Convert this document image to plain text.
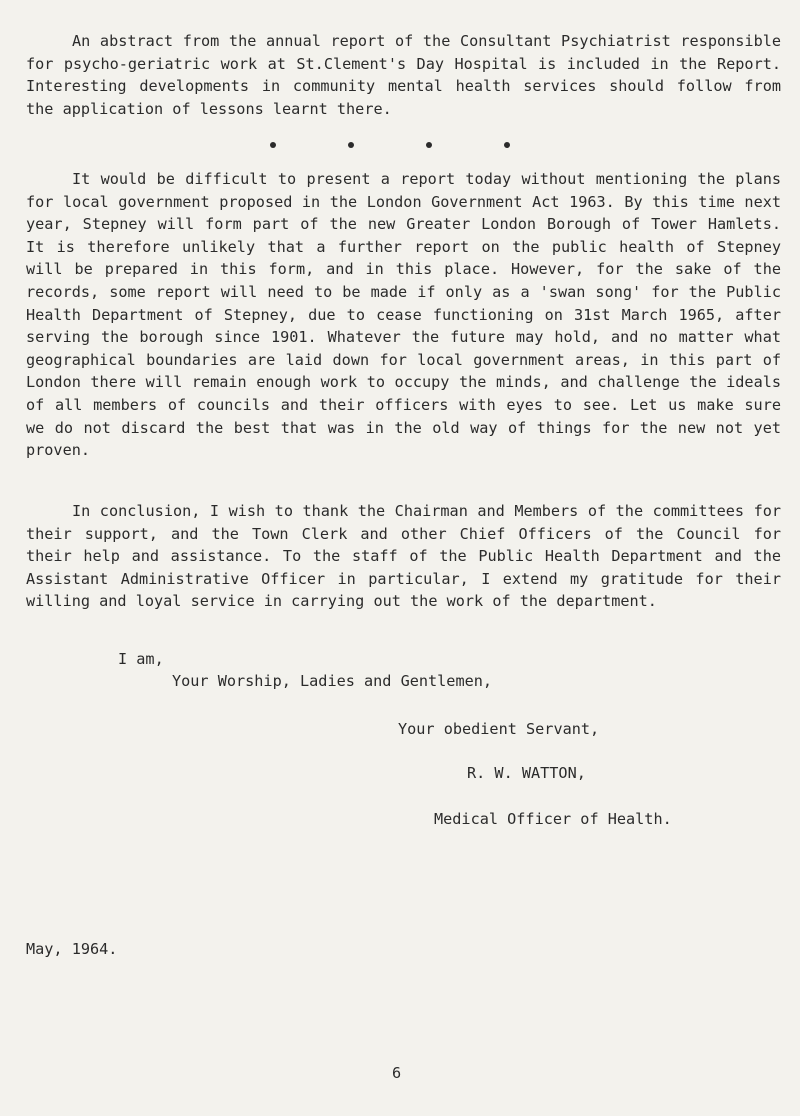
An abstract from the annual report of the Consultant Psychiatrist responsible for psycho-geriatric work at St.Clement's Day Hospital is included in the Report. Interesting developments in community mental health services should follow from the application of lessons learnt there.

It would be difficult to present a report today without mentioning the plans for local government proposed in the London Government Act 1963. By this time next year, Stepney will form part of the new Greater London Borough of Tower Hamlets. It is therefore unlikely that a further report on the public health of Stepney will be prepared in this form, and in this place. However, for the sake of the records, some report will need to be made if only as a 'swan song' for the Public Health Department of Stepney, due to cease functioning on 31st March 1965, after serving the borough since 1901. Whatever the future may hold, and no matter what geographical boundaries are laid down for local government areas, in this part of London there will remain enough work to occupy the minds, and challenge the ideals of all members of councils and their officers with eyes to see. Let us make sure we do not discard the best that was in the old way of things for the new not yet proven.

In conclusion, I wish to thank the Chairman and Members of the committees for their support, and the Town Clerk and other Chief Officers of the Council for their help and assistance. To the staff of the Public Health Department and the Assistant Administrative Officer in particular, I extend my gratitude for their willing and loyal service in carrying out the work of the department.

I am,

Your Worship, Ladies and Gentlemen,

Your obedient Servant,

R. W. WATTON,

Medical Officer of Health.

May, 1964.

6
